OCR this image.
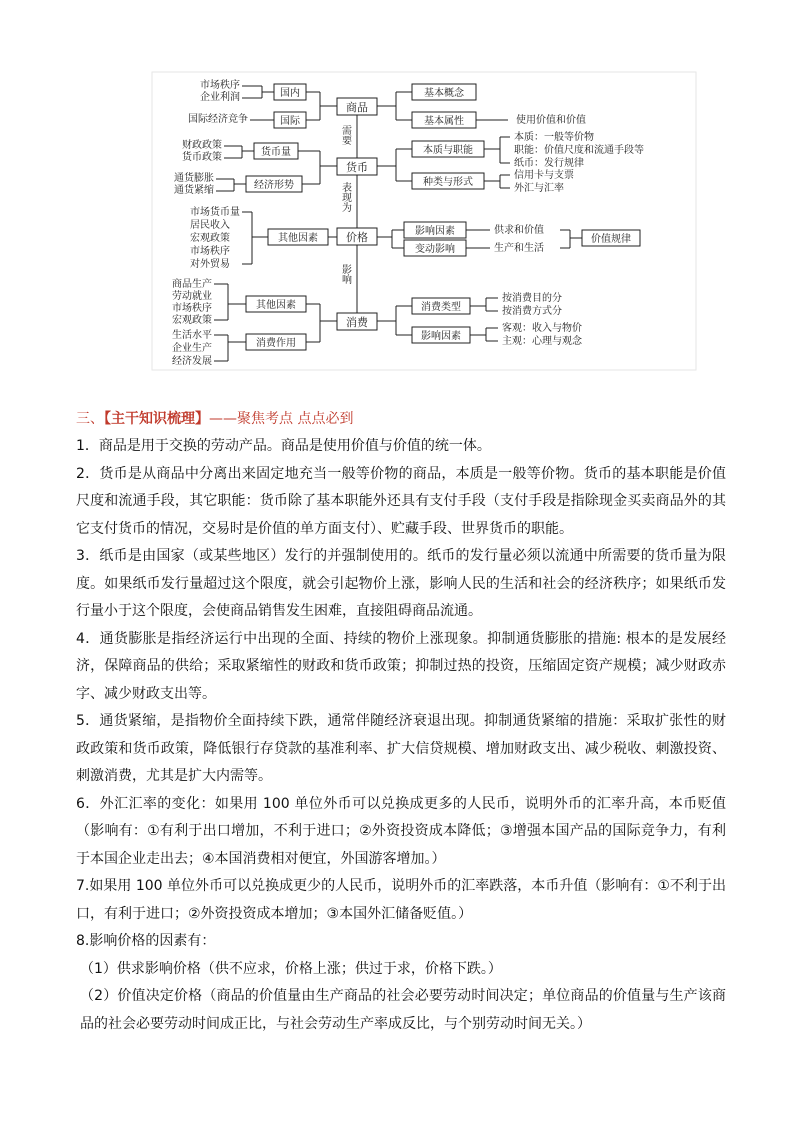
商品
货币
价格
消费
需要
表现为
影响
市场秩序
企业利润	国内
国际经济竞争	国际
基本概念
基本属性	使用价值和价值
财政政策
货币政策	货币量
通货膨胀
通货紧缩	经济形势
本质与职能
本质：一般等价物
职能：价值尺度和流通手段等
纸币：发行规律
种类与形式
信用卡与支票
外汇与汇率
市场货币量
居民收入
宏观政策
市场秩序
对外贸易
其他因素
影响因素
变动影响
供求和价值
生产和生活
价值规律
商品生产
劳动就业
市场秩序
宏观政策
其他因素
生活水平
企业生产
经济发展
消费作用
消费类型
按消费目的分
按消费方式分
影响因素
客观：收入与物价
主观：心理与观念
三、【主干知识梳理】——聚焦考点 点点必到

1．商品是用于交换的劳动产品。商品是使用价值与价值的统一体。

2．货币是从商品中分离出来固定地充当一般等价物的商品，本质是一般等价物。货币的基本职能是价值尺度和流通手段，其它职能：货币除了基本职能外还具有支付手段（支付手段是指除现金买卖商品外的其它支付货币的情况，交易时是价值的单方面支付）、贮藏手段、世界货币的职能。

3．纸币是由国家（或某些地区）发行的并强制使用的。纸币的发行量必须以流通中所需要的货币量为限度。如果纸币发行量超过这个限度，就会引起物价上涨，影响人民的生活和社会的经济秩序；如果纸币发行量小于这个限度，会使商品销售发生困难，直接阻碍商品流通。

4．通货膨胀是指经济运行中出现的全面、持续的物价上涨现象。抑制通货膨胀的措施: 根本的是发展经济，保障商品的供给；采取紧缩性的财政和货币政策；抑制过热的投资，压缩固定资产规模；减少财政赤字、减少财政支出等。

5．通货紧缩，是指物价全面持续下跌，通常伴随经济衰退出现。抑制通货紧缩的措施：采取扩张性的财政政策和货币政策，降低银行存贷款的基准利率、扩大信贷规模、增加财政支出、减少税收、刺激投资、刺激消费，尤其是扩大内需等。

6．外汇汇率的变化：如果用 100 单位外币可以兑换成更多的人民币，说明外币的汇率升高，本币贬值（影响有：①有利于出口增加，不利于进口；②外资投资成本降低；③增强本国产品的国际竞争力，有利于本国企业走出去；④本国消费相对便宜，外国游客增加。）

7.如果用 100 单位外币可以兑换成更少的人民币，说明外币的汇率跌落，本币升值（影响有：①不利于出口，有利于进口；②外资投资成本增加；③本国外汇储备贬值。）

8.影响价格的因素有：

（1）供求影响价格（供不应求，价格上涨；供过于求，价格下跌。）

（2）价值决定价格（商品的价值量由生产商品的社会必要劳动时间决定；单位商品的价值量与生产该商品的社会必要劳动时间成正比，与社会劳动生产率成反比，与个别劳动时间无关。）
